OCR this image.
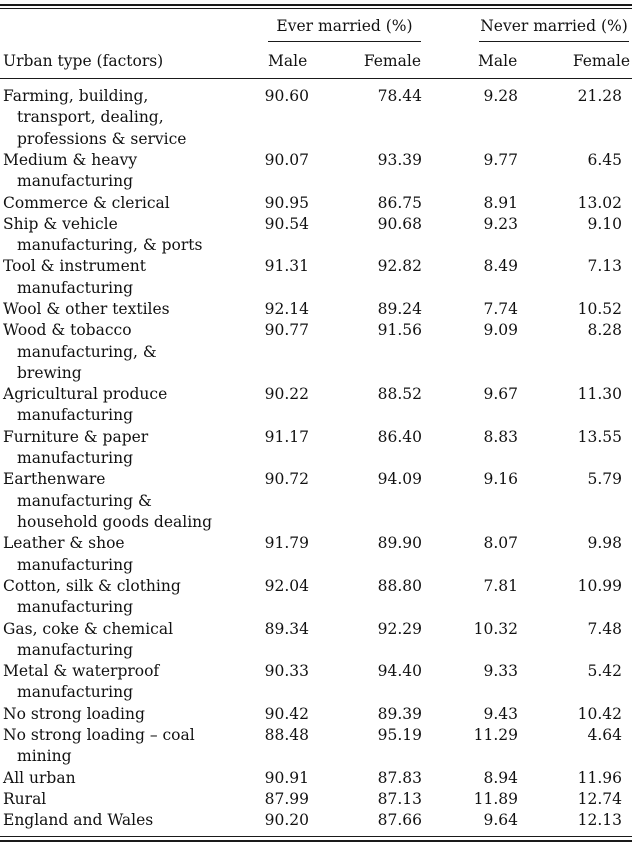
Ever married (%)	Never married (%)
Urban type (factors)	Male	Female	Male	Female
Farming, building,
transport, dealing,
professions & service
90.60	78.44	9.28	21.28
Medium & heavy
manufacturing
90.07	93.39	9.77	6.45
Commerce & clerical	90.95	86.75	8.91	13.02
Ship & vehicle
manufacturing, & ports
90.54	90.68	9.23	9.10
Tool & instrument
manufacturing
91.31	92.82	8.49	7.13
Wool & other textiles	92.14	89.24	7.74	10.52
Wood & tobacco
manufacturing, &
brewing
90.77	91.56	9.09	8.28
Agricultural produce
manufacturing
90.22	88.52	9.67	11.30
Furniture & paper
manufacturing
91.17	86.40	8.83	13.55
Earthenware
manufacturing &
household goods dealing
90.72	94.09	9.16	5.79
Leather & shoe
manufacturing
91.79	89.90	8.07	9.98
Cotton, silk & clothing
manufacturing
92.04	88.80	7.81	10.99
Gas, coke & chemical
manufacturing
89.34	92.29	10.32	7.48
Metal & waterproof
manufacturing
90.33	94.40	9.33	5.42
No strong loading	90.42	89.39	9.43	10.42
No strong loading – coal
mining
88.48	95.19	11.29	4.64
All urban	90.91	87.83	8.94	11.96
Rural	87.99	87.13	11.89	12.74
England and Wales	90.20	87.66	9.64	12.13
